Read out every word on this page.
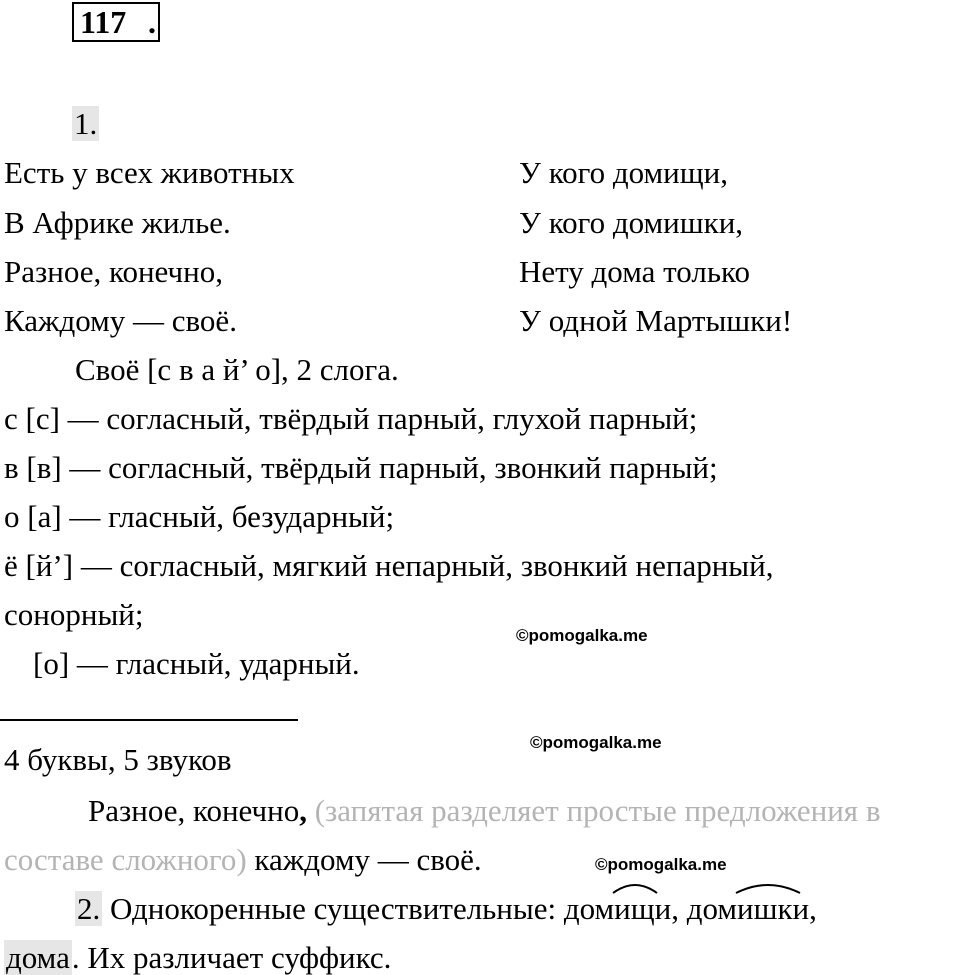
117 .
1.
Есть у всех животных
В Африке жилье.
Разное, конечно,
Каждому — своё.
У кого домищи,
У кого домишки,
Нету дома только
У одной Мартышки!
Своё [с в а й’ о], 2 слога.
с [с] — согласный, твёрдый парный, глухой парный;
в [в] — согласный, твёрдый парный, звонкий парный;
о [а] — гласный, безударный;
ё [й’] — согласный, мягкий непарный, звонкий непарный,
сонорный;
[о] — гласный, ударный.
©pomogalka.me
4 буквы, 5 звуков	©pomogalka.me
Разное, конечно, (запятая разделяет простые предложения в
составе сложного) каждому — своё.	©pomogalka.me
2. Однокоренные существительные: дом
ищи, дом
ишки,
дома. Их различает суффикс.
